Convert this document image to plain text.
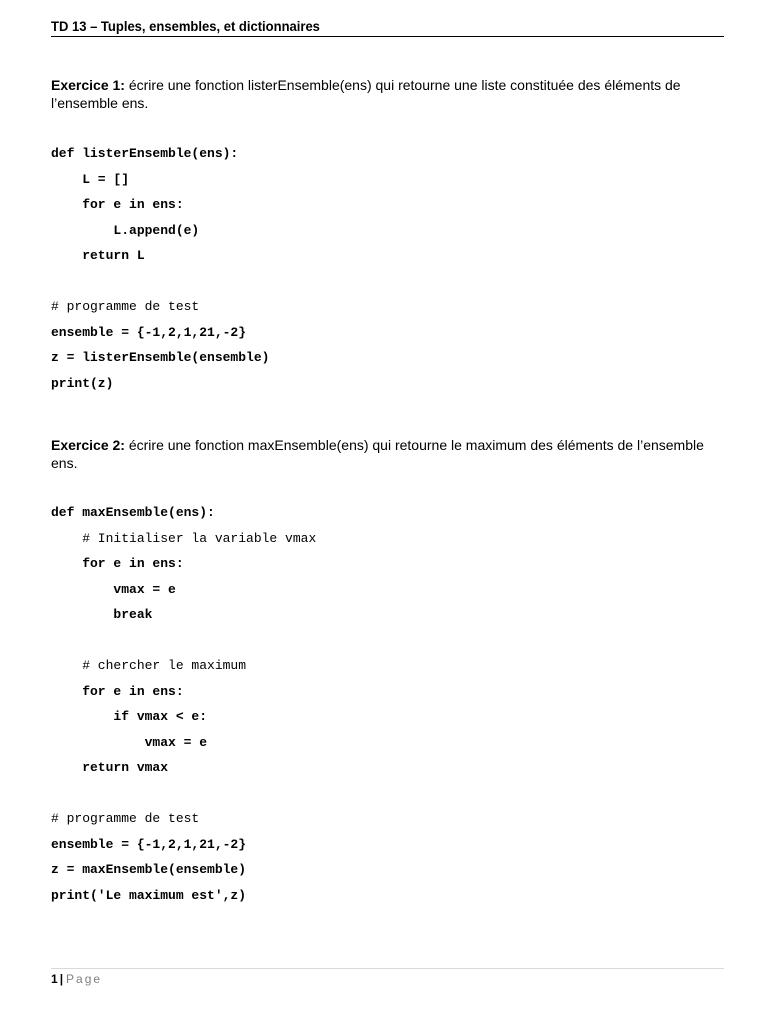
TD 13 – Tuples, ensembles, et dictionnaires
Exercice 1: écrire une fonction listerEnsemble(ens) qui retourne une liste constituée des éléments de l’ensemble ens.
def listerEnsemble(ens):
L = []
for e in ens:
L.append(e)
return L
# programme de test
ensemble = {-1,2,1,21,-2}
z = listerEnsemble(ensemble)
print(z)
Exercice 2: écrire une fonction maxEnsemble(ens) qui retourne le maximum des éléments de l’ensemble ens.
def maxEnsemble(ens):
# Initialiser la variable vmax
for e in ens:
vmax = e
break
# chercher le maximum
for e in ens:
if vmax < e:
vmax = e
return vmax
# programme de test
ensemble = {-1,2,1,21,-2}
z = maxEnsemble(ensemble)
print('Le maximum est',z)
1 | Page
